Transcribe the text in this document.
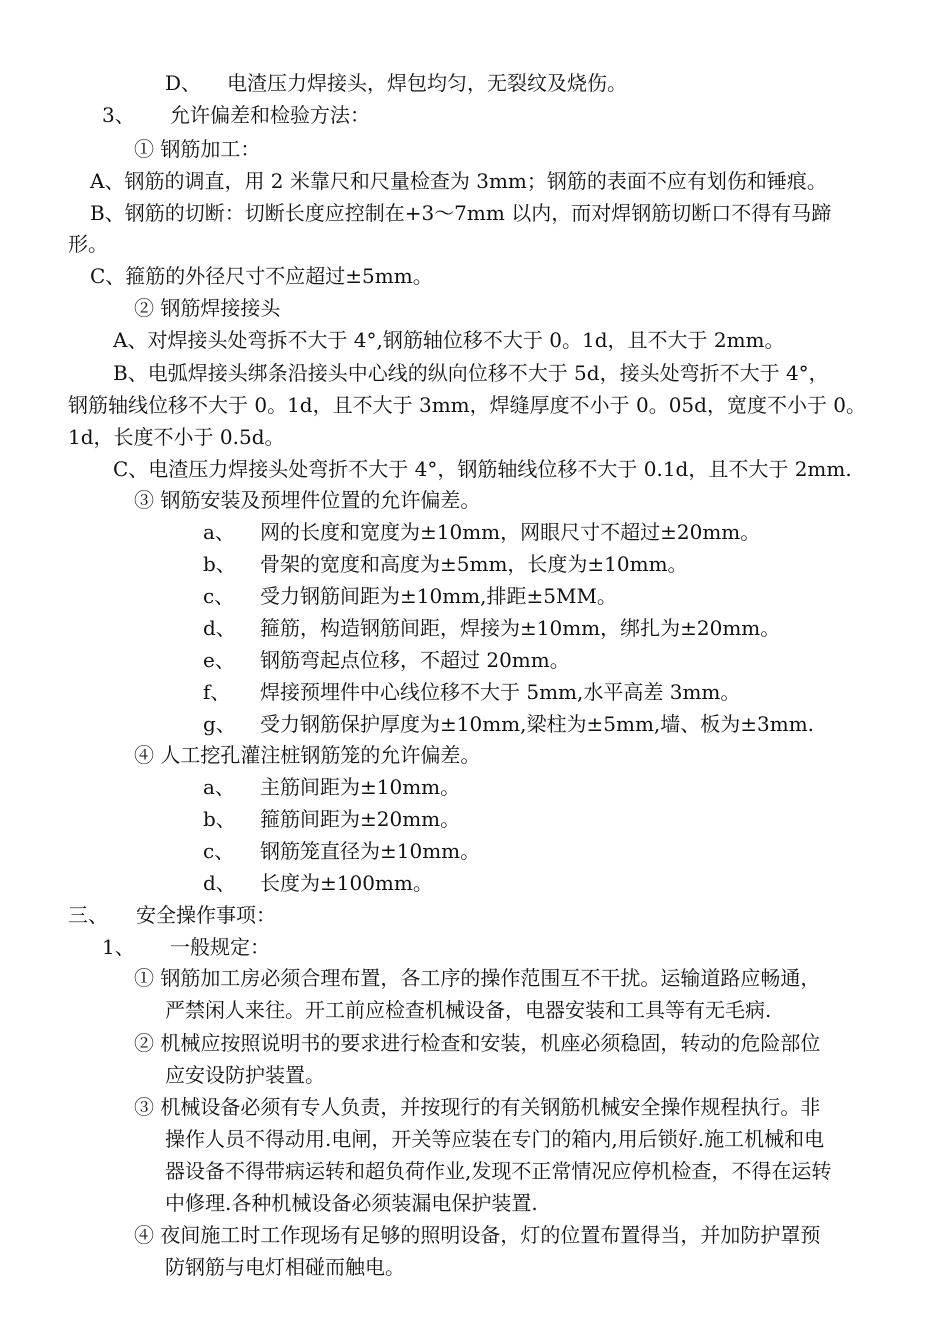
D、 电渣压力焊接头，焊包均匀，无裂纹及烧伤。
3、 允许偏差和检验方法：
① 钢筋加工：
A、钢筋的调直，用 2 米靠尺和尺量检查为 3mm；钢筋的表面不应有划伤和锤痕。
B、钢筋的切断：切断长度应控制在+3～7mm 以内，而对焊钢筋切断口不得有马蹄
形。
C、箍筋的外径尺寸不应超过±5mm。
② 钢筋焊接接头
A、对焊接头处弯拆不大于 4°,钢筋轴位移不大于 0。1d，且不大于 2mm。
B、电弧焊接头绑条沿接头中心线的纵向位移不大于 5d，接头处弯折不大于 4°，
钢筋轴线位移不大于 0。1d，且不大于 3mm，焊缝厚度不小于 0。05d，宽度不小于 0。
1d，长度不小于 0.5d。
C、电渣压力焊接头处弯折不大于 4°，钢筋轴线位移不大于 0.1d，且不大于 2mm.
③ 钢筋安装及预埋件位置的允许偏差。
a、 网的长度和宽度为±10mm，网眼尺寸不超过±20mm。
b、 骨架的宽度和高度为±5mm，长度为±10mm。
c、 受力钢筋间距为±10mm,排距±5MM。
d、 箍筋，构造钢筋间距，焊接为±10mm，绑扎为±20mm。
e、 钢筋弯起点位移，不超过 20mm。
f、 焊接预埋件中心线位移不大于 5mm,水平高差 3mm。
g、 受力钢筋保护厚度为±10mm,梁柱为±5mm,墙、板为±3mm.
④ 人工挖孔灌注桩钢筋笼的允许偏差。
a、 主筋间距为±10mm。
b、 箍筋间距为±20mm。
c、 钢筋笼直径为±10mm。
d、 长度为±100mm。
三、 安全操作事项：
1、 一般规定：
① 钢筋加工房必须合理布置，各工序的操作范围互不干扰。运输道路应畅通，
严禁闲人来往。开工前应检查机械设备，电器安装和工具等有无毛病.
② 机械应按照说明书的要求进行检查和安装，机座必须稳固，转动的危险部位
应安设防护装置。
③ 机械设备必须有专人负责，并按现行的有关钢筋机械安全操作规程执行。非
操作人员不得动用.电闸，开关等应装在专门的箱内,用后锁好.施工机械和电
器设备不得带病运转和超负荷作业,发现不正常情况应停机检查，不得在运转
中修理.各种机械设备必须装漏电保护装置.
④ 夜间施工时工作现场有足够的照明设备，灯的位置布置得当，并加防护罩预
防钢筋与电灯相碰而触电。
